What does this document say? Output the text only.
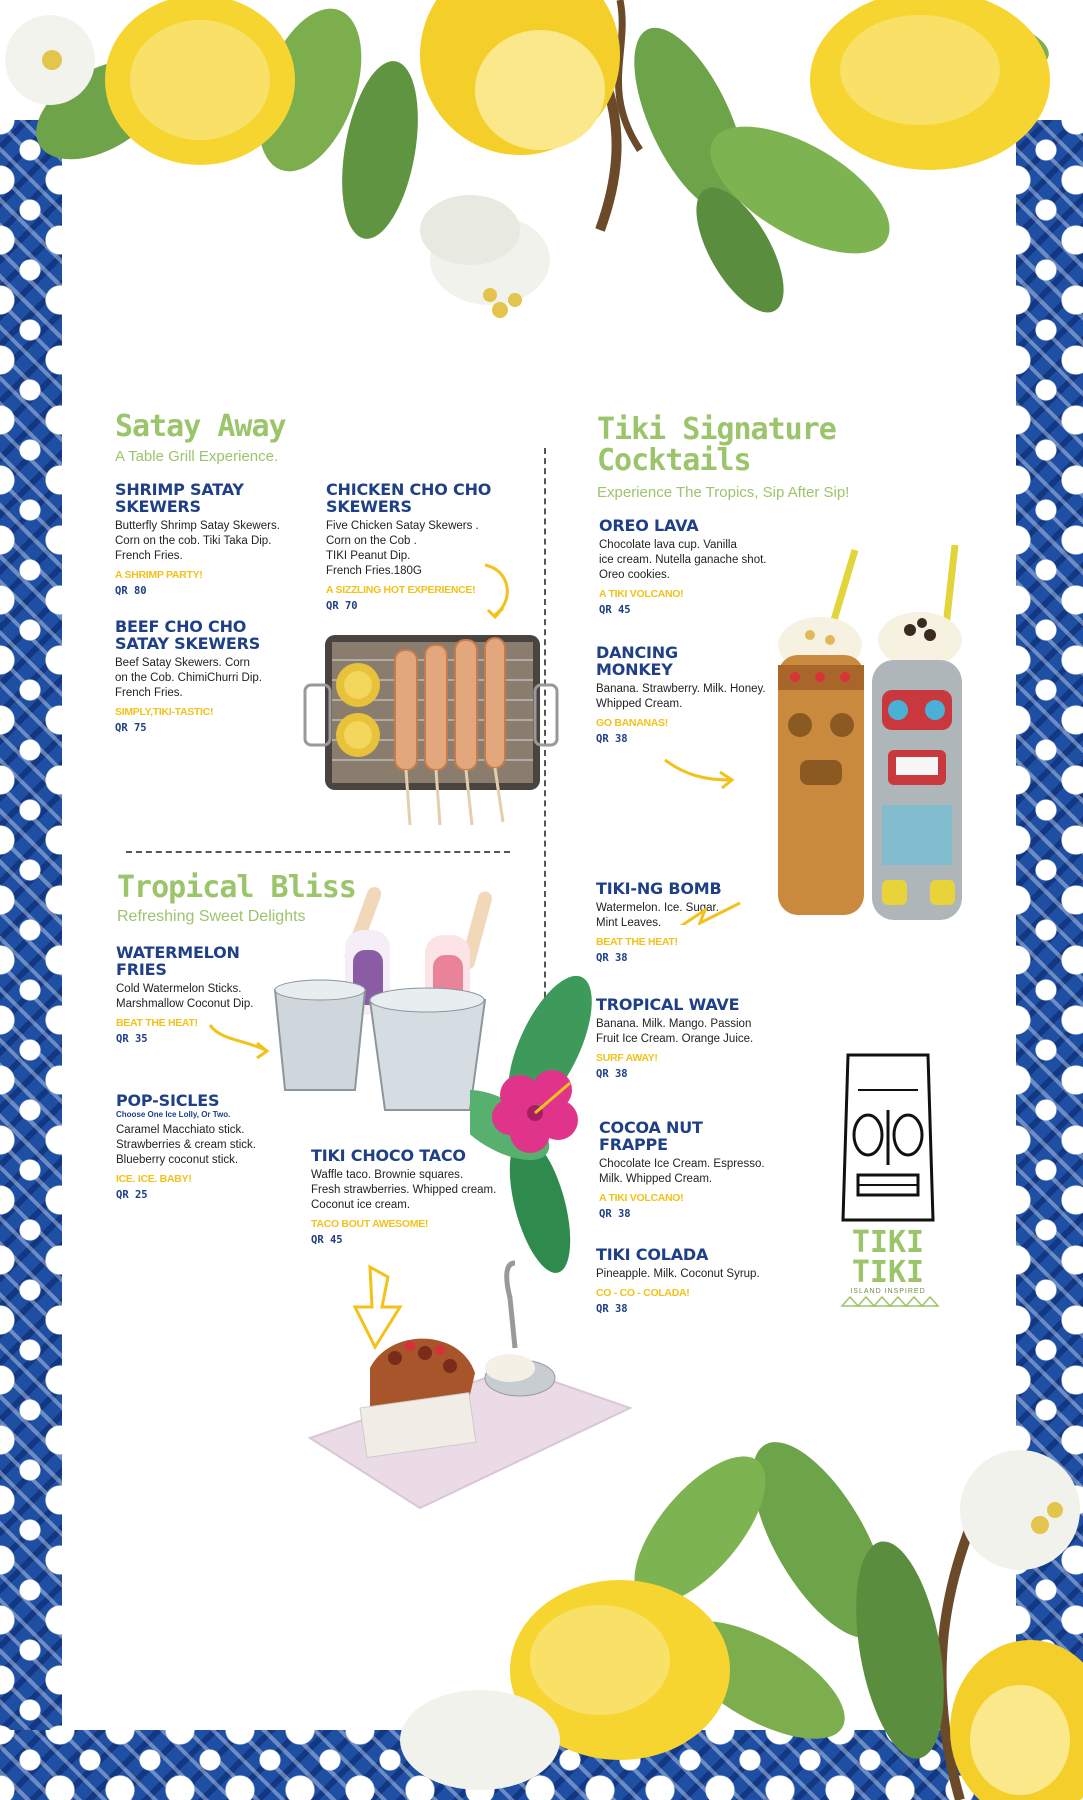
Satay Away
A Table Grill Experience.
SHRIMP SATAY SKEWERS
Butterfly Shrimp Satay Skewers.
Corn on the cob. Tiki Taka Dip.
French Fries.
A SHRIMP PARTY!
QR 80
CHICKEN CHO CHO SKEWERS
Five Chicken Satay Skewers .
Corn on the Cob .
TIKI Peanut Dip.
French Fries.180G
A SIZZLING HOT EXPERIENCE!
QR 70
BEEF CHO CHO SATAY SKEWERS
Beef Satay Skewers. Corn
on the Cob. ChimiChurri Dip.
French Fries.
SIMPLY,TIKI-TASTIC!
QR 75
Tropical Bliss
Refreshing Sweet Delights
WATERMELON FRIES
Cold Watermelon Sticks.
Marshmallow Coconut Dip.
BEAT THE HEAT!
QR 35
POP-SICLES
Choose One Ice Lolly, Or Two.
Caramel Macchiato stick.
Strawberries & cream stick.
Blueberry coconut stick.
ICE. ICE. BABY!
QR 25
TIKI CHOCO TACO
Waffle taco. Brownie squares.
Fresh strawberries. Whipped cream.
Coconut ice cream.
TACO BOUT AWESOME!
QR 45
Tiki Signature
Cocktails
Experience The Tropics, Sip After Sip!
OREO LAVA
Chocolate lava cup. Vanilla
ice cream. Nutella ganache shot.
Oreo cookies.
A TIKI VOLCANO!
QR 45
DANCING MONKEY
Banana. Strawberry. Milk. Honey.
Whipped Cream.
GO BANANAS!
QR 38
TIKI-NG BOMB
Watermelon. Ice. Sugar.
Mint Leaves.
BEAT THE HEAT!
QR 38
TROPICAL WAVE
Banana. Milk. Mango. Passion
Fruit Ice Cream. Orange Juice.
SURF AWAY!
QR 38
COCOA NUT FRAPPE
Chocolate Ice Cream. Espresso.
Milk. Whipped Cream.
A TIKI VOLCANO!
QR 38
TIKI COLADA
Pineapple. Milk. Coconut Syrup.
CO - CO - COLADA!
QR 38
TIKI TIKI
ISLAND INSPIRED
